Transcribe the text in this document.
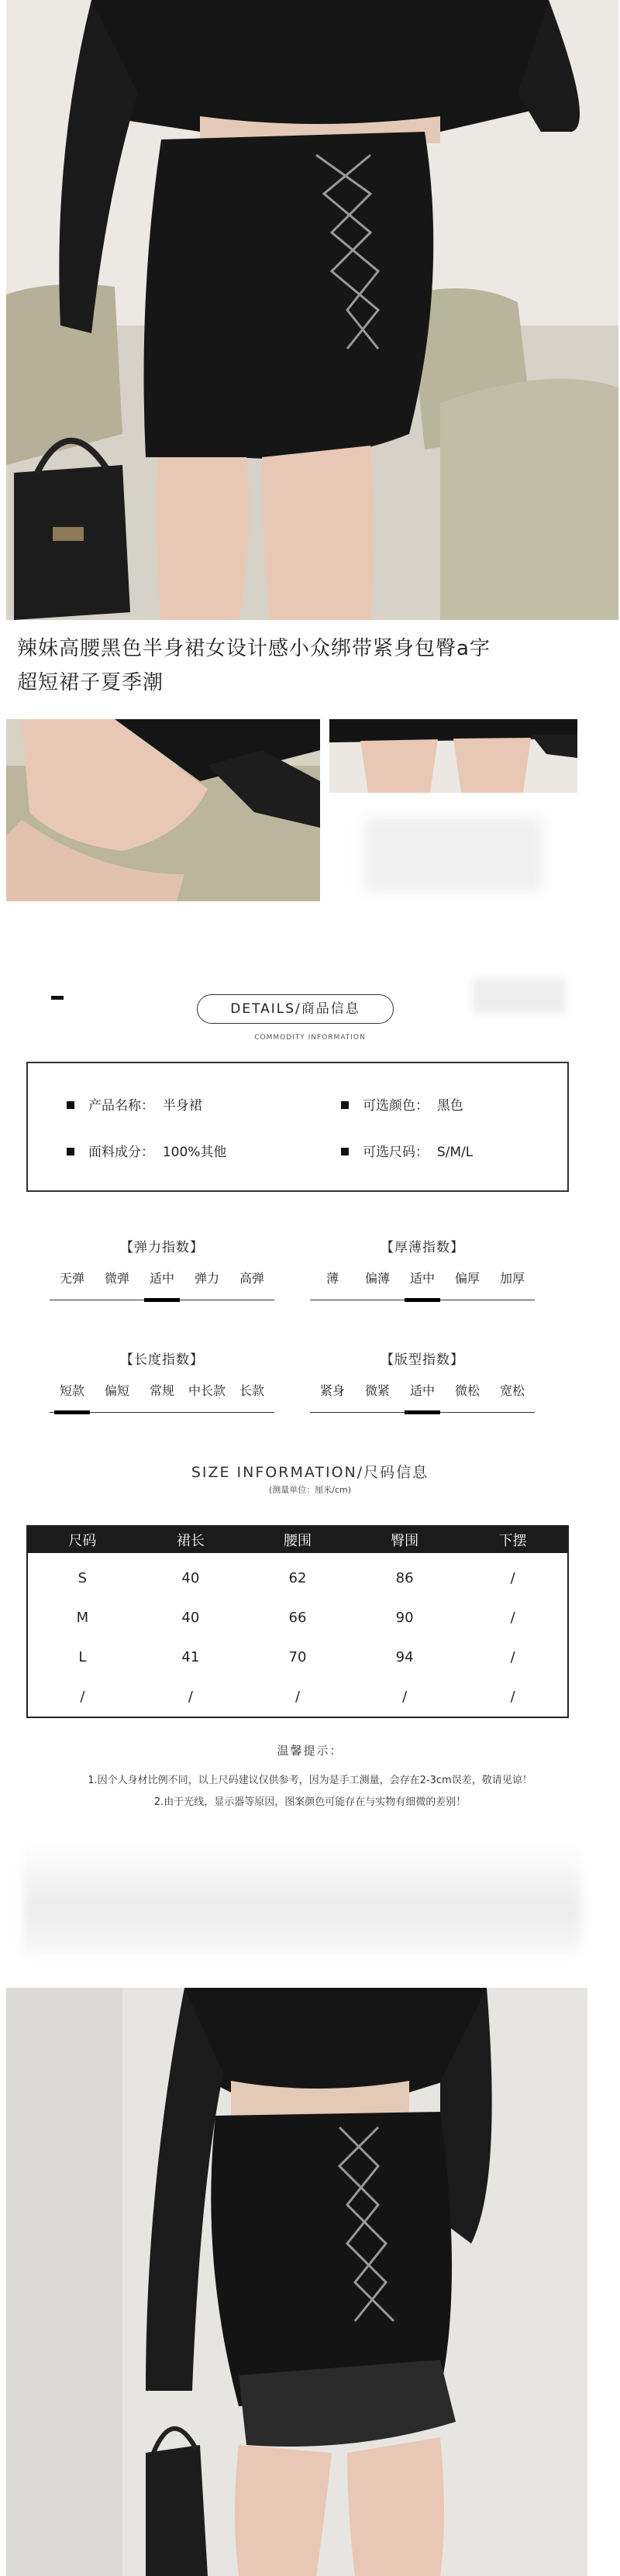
辣妹高腰黑色半身裙女设计感小众绑带紧身包臀a字
超短裙子夏季潮
DETAILS/商品信息
COMMODITY INFORMATION
产品名称： 半身裙	可选颜色： 黑色
面料成分： 100%其他	可选尺码： S/M/L
【弹力指数】
无弹	微弹	适中	弹力	高弹
【厚薄指数】
薄	偏薄	适中	偏厚	加厚
【长度指数】
短款	偏短	常规	中长款	长款
【版型指数】
紧身	微紧	适中	微松	宽松
SIZE INFORMATION/尺码信息
(测量单位：厘米/cm)
尺码	裙长	腰围	臀围	下摆
S	40	62	86	/
M	40	66	90	/
L	41	70	94	/
/	/	/	/	/
温馨提示：
1.因个人身材比例不同，以上尺码建议仅供参考，因为是手工测量，会存在2-3cm误差，敬请见谅！
2.由于光线，显示器等原因，图案颜色可能存在与实物有细微的差别！
